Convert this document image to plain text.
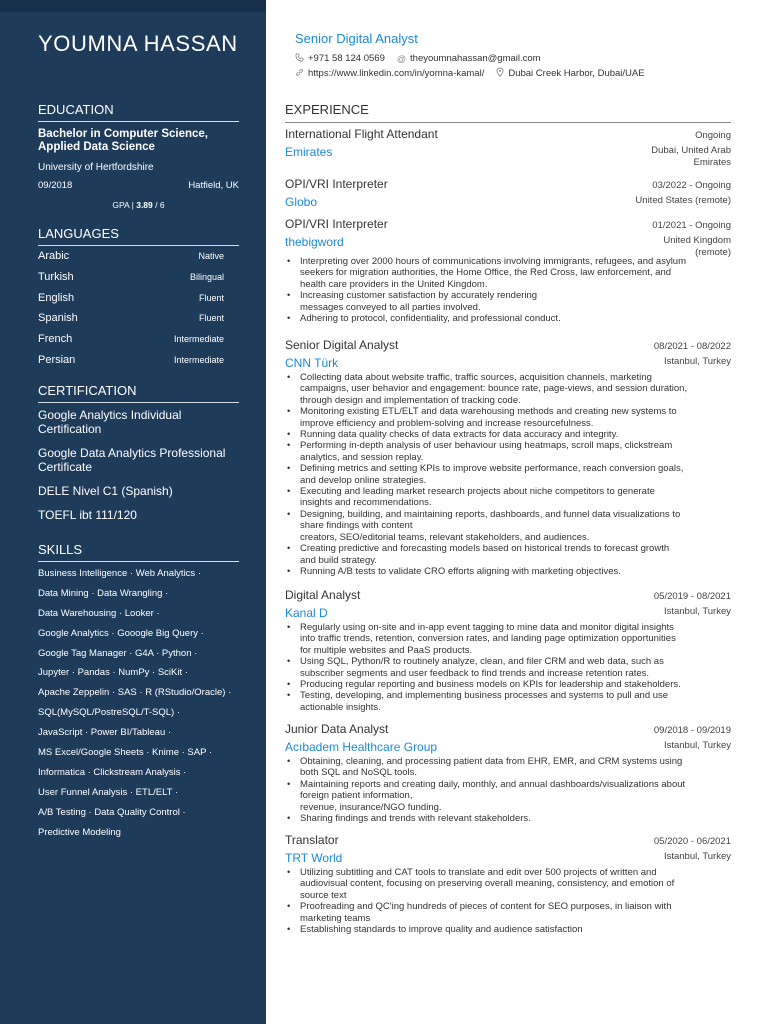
YOUMNA HASSAN
EDUCATION
Bachelor in Computer Science,
Applied Data Science
University of Hertfordshire
09/2018	Hatfield, UK
GPA | 3.89 / 6
LANGUAGES
Arabic	Native
Turkish	Bilingual
English	Fluent
Spanish	Fluent
French	Intermediate
Persian	Intermediate
CERTIFICATION
Google Analytics Individual
Certification
Google Data Analytics Professional
Certificate
DELE Nivel C1 (Spanish)
TOEFL ibt 111/120
SKILLS
Business Intelligence · Web Analytics ·
Data Mining · Data Wrangling ·
Data Warehousing · Looker ·
Google Analytics · Gooogle Big Query ·
Google Tag Manager · G4A · Python ·
Jupyter · Pandas · NumPy · SciKit ·
Apache Zeppelin · SAS · R (RStudio/Oracle) ·
SQL(MySQL/PostreSQL/T-SQL) ·
JavaScript · Power BI/Tableau ·
MS Excel/Google Sheets · Knime · SAP ·
Informatica · Clickstream Analysis ·
User Funnel Analysis · ETL/ELT ·
A/B Testing · Data Quality Control ·
Predictive Modeling
Senior Digital Analyst
+971 58 124 0569 @ theyoumnahassan@gmail.com
https://www.linkedin.com/in/yomna-kamal/	Dubai Creek Harbor, Dubai/UAE
EXPERIENCE
International Flight Attendant	Ongoing
Emirates	Dubai, United Arab
Emirates
OPI/VRI Interpreter	03/2022 - Ongoing
Globo	United States (remote)
OPI/VRI Interpreter	01/2021 - Ongoing
thebigword	United Kingdom
(remote)
• Interpreting over 2000 hours of communications involving immigrants, refugees, and asylum
seekers for migration authorities, the Home Office, the Red Cross, law enforcement, and
health care providers in the United Kingdom.
• Increasing customer satisfaction by accurately rendering
messages conveyed to all parties involved.
• Adhering to protocol, confidentiality, and professional conduct.
Senior Digital Analyst	08/2021 - 08/2022
CNN Türk	Istanbul, Turkey
• Collecting data about website traffic, traffic sources, acquisition channels, marketing
campaigns, user behavior and engagement: bounce rate, page-views, and session duration,
through design and implementation of tracking code.
• Monitoring existing ETL/ELT and data warehousing methods and creating new systems to
improve efficiency and problem-solving and increase resourcefulness.
• Running data quality checks of data extracts for data accuracy and integrity.
• Performing in-depth analysis of user behaviour using heatmaps, scroll maps, clickstream
analytics, and session replay.
• Defining metrics and setting KPIs to improve website performance, reach conversion goals,
and develop online strategies.
• Executing and leading market research projects about niche competitors to generate
insights and recommendations.
• Designing, building, and maintaining reports, dashboards, and funnel data visualizations to
share findings with content
creators, SEO/editorial teams, relevant stakeholders, and audiences.
• Creating predictive and forecasting models based on historical trends to forecast growth
and build strategy.
• Running A/B tests to validate CRO efforts aligning with marketing objectives.
Digital Analyst	05/2019 - 08/2021
Kanal D	Istanbul, Turkey
• Regularly using on-site and in-app event tagging to mine data and monitor digital insights
into traffic trends, retention, conversion rates, and landing page optimization opportunities
for multiple websites and PaaS products.
• Using SQL, Python/R to routinely analyze, clean, and filer CRM and web data, such as
subscriber segments and user feedback to find trends and increase retention rates.
• Producing regular reporting and business models on KPIs for leadership and stakeholders.
• Testing, developing, and implementing business processes and systems to pull and use
actionable insights.
Junior Data Analyst	09/2018 - 09/2019
Acıbadem Healthcare Group	Istanbul, Turkey
• Obtaining, cleaning, and processing patient data from EHR, EMR, and CRM systems using
both SQL and NoSQL tools.
• Maintaining reports and creating daily, monthly, and annual dashboards/visualizations about
foreign patient information,
revenue, insurance/NGO funding.
• Sharing findings and trends with relevant stakeholders.
Translator	05/2020 - 06/2021
TRT World	Istanbul, Turkey
• Utilizing subtitling and CAT tools to translate and edit over 500 projects of written and
audiovisual content, focusing on preserving overall meaning, consistency, and emotion of
source text
• Proofreading and QC'ing hundreds of pieces of content for SEO purposes, in liaison with
marketing teams
• Establishing standards to improve quality and audience satisfaction
